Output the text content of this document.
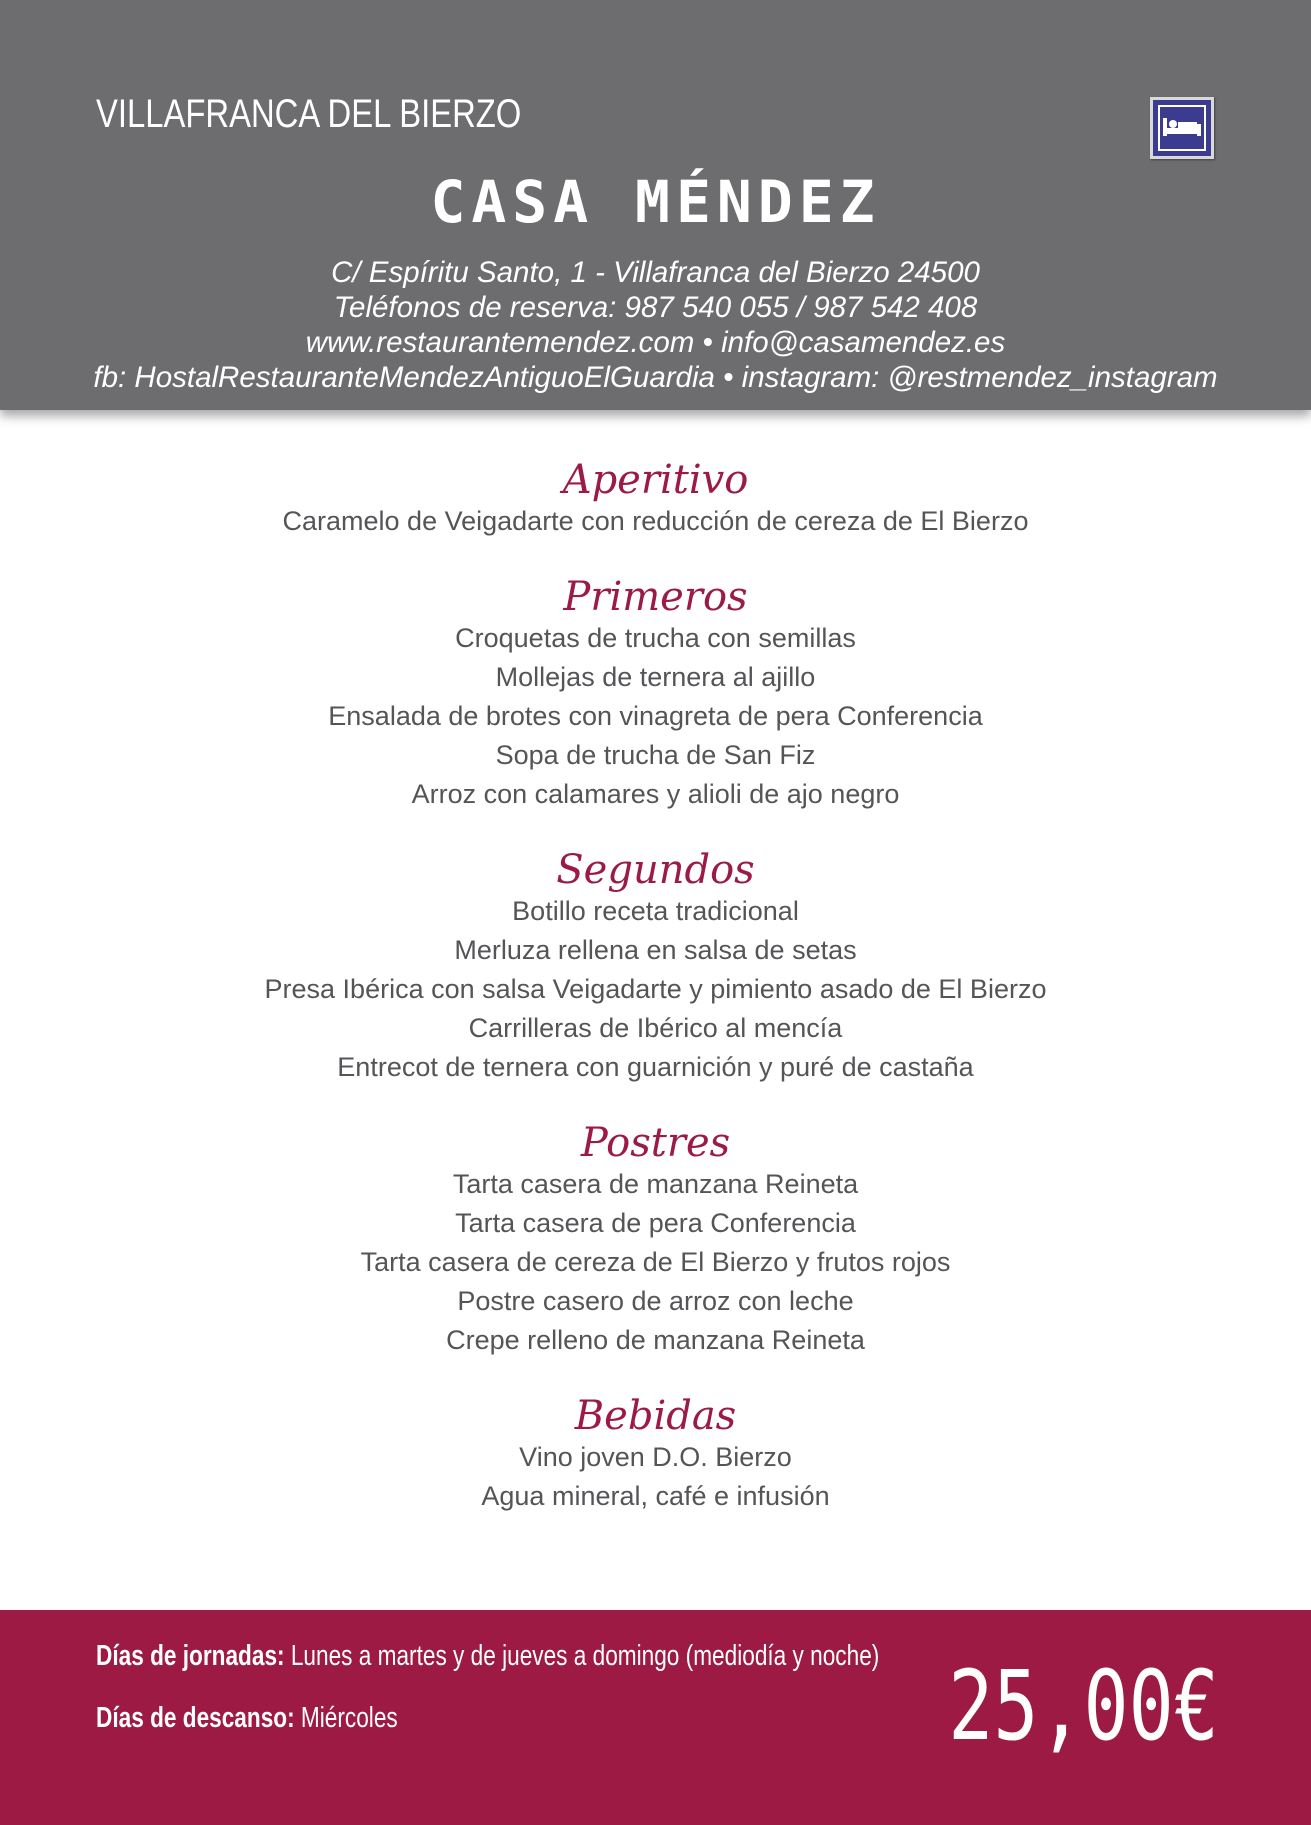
VILLAFRANCA DEL BIERZO
CASA MÉNDEZ
C/ Espíritu Santo, 1 - Villafranca del Bierzo 24500
Teléfonos de reserva: 987 540 055 / 987 542 408
www.restaurantemendez.com • info@casamendez.es
fb: HostalRestauranteMendezAntiguoElGuardia • instagram: @restmendez_instagram
Aperitivo
Caramelo de Veigadarte con reducción de cereza de El Bierzo
Primeros
Croquetas de trucha con semillas
Mollejas de ternera al ajillo
Ensalada de brotes con vinagreta de pera Conferencia
Sopa de trucha de San Fiz
Arroz con calamares y alioli de ajo negro
Segundos
Botillo receta tradicional
Merluza rellena en salsa de setas
Presa Ibérica con salsa Veigadarte y pimiento asado de El Bierzo
Carrilleras de Ibérico al mencía
Entrecot de ternera con guarnición y puré de castaña
Postres
Tarta casera de manzana Reineta
Tarta casera de pera Conferencia
Tarta casera de cereza de El Bierzo y frutos rojos
Postre casero de arroz con leche
Crepe relleno de manzana Reineta
Bebidas
Vino joven D.O. Bierzo
Agua mineral, café e infusión
Días de jornadas: Lunes a martes y de jueves a domingo (mediodía y noche)
Días de descanso: Miércoles	25,00€
